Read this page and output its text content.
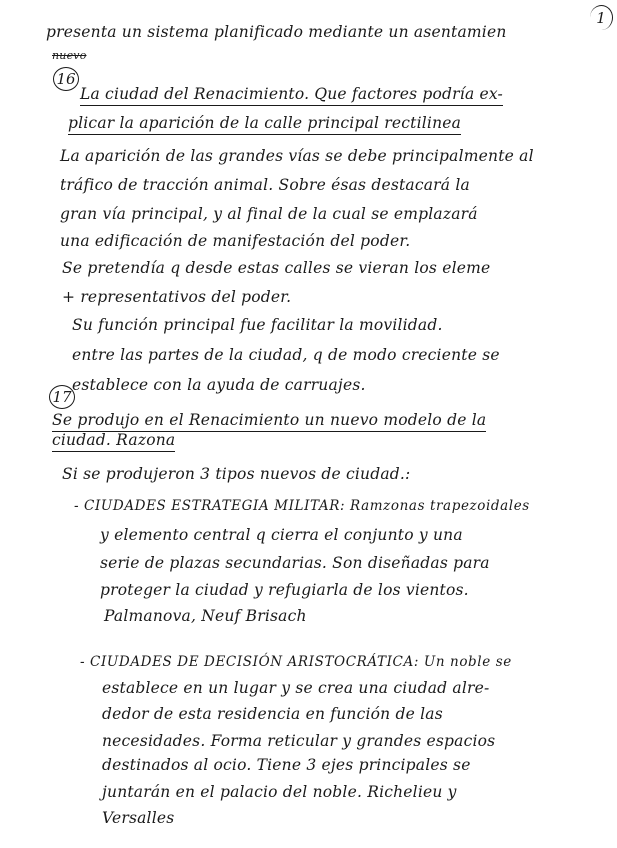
1
presenta un sistema planificado mediante un asentamien
nuevo
16
La ciudad del Renacimiento. Que factores podría ex-
plicar la aparición de la calle principal rectilinea
La aparición de las grandes vías se debe principalmente al
tráfico de tracción animal. Sobre ésas destacará la
gran vía principal, y al final de la cual se emplazará
una edificación de manifestación del poder.
Se pretendía q desde estas calles se vieran los eleme
+ representativos del poder.
Su función principal fue facilitar la movilidad.
entre las partes de la ciudad, q de modo creciente se
establece con la ayuda de carruajes.
17
Se produjo en el Renacimiento un nuevo modelo de la
ciudad. Razona
Si se produjeron 3 tipos nuevos de ciudad.:
- CIUDADES ESTRATEGIA MILITAR: Ramzonas trapezoidales
y elemento central q cierra el conjunto y una
serie de plazas secundarias. Son diseñadas para
proteger la ciudad y refugiarla de los vientos.
Palmanova, Neuf Brisach
- CIUDADES DE DECISIÓN ARISTOCRÁTICA: Un noble se
establece en un lugar y se crea una ciudad alre-
dedor de esta residencia en función de las
necesidades. Forma reticular y grandes espacios
destinados al ocio. Tiene 3 ejes principales se
juntarán en el palacio del noble. Richelieu y
Versalles
